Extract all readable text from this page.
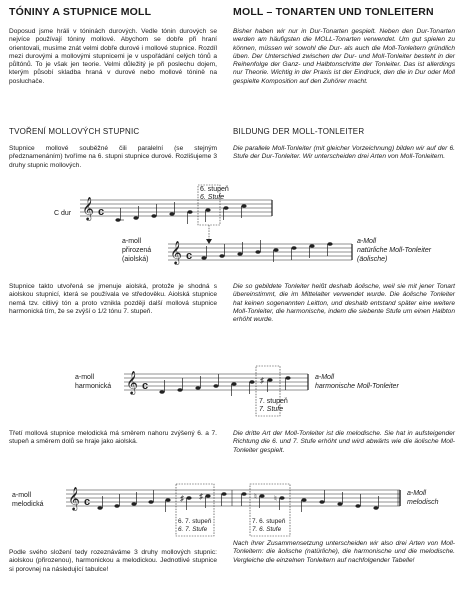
TÓNINY A STUPNICE MOLL	MOLL – TONARTEN UND TONLEITERN
Doposud jsme hráli v tóninách durových. Vedle tónin durových se nejvíce používají tóniny mollové. Abychom se dobře při hraní orientovali, musíme znát velmi dobře durové i mollové stupnice. Rozdíl mezi durovými a mollovými stupnicemi je v uspořádání celých tónů a půltónů. To je však jen teorie. Velmi důležitý je při poslechu dojem, kterým působí skladba hraná v durové nebo mollové tónině na posluchače.
Bisher haben wir nur in Dur-Tonarten gespielt. Neben den Dur-Tonarten werden am häufigsten die MOLL-Tonarten verwendet. Um gut spielen zu können, müssen wir sowohl die Dur- als auch die Moll-Tonleitern gründlich üben. Der Unterschied zwischen der Dur- und Moll-Tonleiter besteht in der Reihenfolge der Ganz- und Halbtonschritte der Tonleiter. Das ist allerdings nur Theorie. Wichtig in der Praxis ist der Eindruck, den die in Dur oder Moll gespielte Komposition auf den Zuhörer macht.
TVOŘENÍ MOLLOVÝCH STUPNIC	BILDUNG DER MOLL-TONLEITER
Stupnice mollové souběžné čili paralelní (se stejným předznamenáním) tvoříme na 6. stupni stupnice durové. Rozlišujeme 3 druhy stupnic mollových.
Die parallele Moll-Tonleiter (mit gleicher Vorzeichnung) bilden wir auf der 6. Stufe der Dur-Tonleiter. Wir unterscheiden drei Arten von Moll-Tonleitern.
𝄞
𝄞
c
c
6. stupeň
6. Stufe
C dur
a-moll
přirozená
(aiolská)
a-Moll
natürliche Moll-Tonleiter
(äolische)
Stupnice takto utvořená se jmenuje aiolská, protože je shodná s aiolskou stupnicí, která se používala ve středověku. Aiolská stupnice nemá tzv. citlivý tón a proto vznikla později další mollová stupnice harmonická tím, že se zvýší o 1/2 tónu 7. stupeň.
Die so gebildete Tonleiter heißt deshalb äolische, weil sie mit jener Tonart übereinstimmt, die im Mittelalter verwendet wurde. Die äolische Tonleiter hat keinen sogenannten Leitton, und deshalb entstand später eine weitere Moll-Tonleiter, die harmonische, indem die siebente Stufe um einen Halbton erhöht wurde.
𝄞 c	♯
a-moll
harmonická
7. stupeň
7. Stufe
a-Moll
harmonische Moll-Tonleiter
Třetí mollová stupnice melodická má směrem nahoru zvýšený 6. a 7. stupeň a směrem dolů se hraje jako aiolská.
Die dritte Art der Moll-Tonleiter ist die melodische. Sie hat in aufsteigender Richtung die 6. und 7. Stufe erhöht und wird abwärts wie die äolische Moll-Tonleiter gespielt.
𝄞 c	♯ ♯	♮ ♮
a-moll
melodická
6. 7. stupeň
6. 7. Stufe
7. 6. stupeň
7. 6. Stufe
a-Moll
melodisch
Podle svého složení tedy rozeznáváme 3 druhy mollových stupnic: aiolskou (přirozenou), harmonickou a melodickou. Jednotlivé stupnice si porovnej na následující tabulce!
Nach ihrer Zusammensetzung unterscheiden wir also drei Arten von Moll-Tonleitern: die äolische (natürliche), die harmonische und die melodische. Vergleiche die einzelnen Tonleitern auf nachfolgender Tabelle!
